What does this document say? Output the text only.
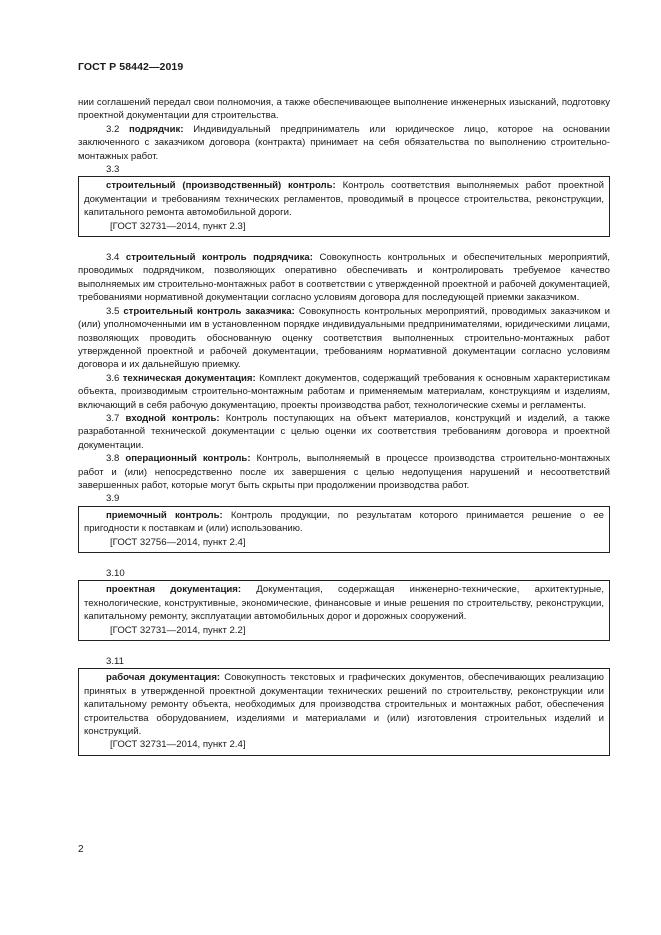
ГОСТ Р 58442—2019

нии соглашений передал свои полномочия, а также обеспечивающее выполнение инженерных изысканий, подготовку проектной документации для строительства.

3.2 подрядчик: Индивидуальный предприниматель или юридическое лицо, которое на основании заключенного с заказчиком договора (контракта) принимает на себя обязательства по выполнению строительно-монтажных работ.

3.3

строительный (производственный) контроль: Контроль соответствия выполняемых работ проектной документации и требованиям технических регламентов, проводимый в процессе строительства, реконструкции, капитального ремонта автомобильной дороги.

[ГОСТ 32731—2014, пункт 2.3]

3.4 строительный контроль подрядчика: Совокупность контрольных и обеспечительных мероприятий, проводимых подрядчиком, позволяющих оперативно обеспечивать и контролировать требуемое качество выполняемых им строительно-монтажных работ в соответствии с утвержденной проектной и рабочей документацией, требованиями нормативной документации согласно условиям договора для последующей приемки заказчиком.

3.5 строительный контроль заказчика: Совокупность контрольных мероприятий, проводимых заказчиком и (или) уполномоченными им в установленном порядке индивидуальными предпринимателями, юридическими лицами, позволяющих проводить обоснованную оценку соответствия выполненных строительно-монтажных работ утвержденной проектной и рабочей документации, требованиям нормативной документации согласно условиям договора и их дальнейшую приемку.

3.6 техническая документация: Комплект документов, содержащий требования к основным характеристикам объекта, производимым строительно-монтажным работам и применяемым материалам, конструкциям и изделиям, включающий в себя рабочую документацию, проекты производства работ, технологические схемы и регламенты.

3.7 входной контроль: Контроль поступающих на объект материалов, конструкций и изделий, а также разработанной технической документации с целью оценки их соответствия требованиям договора и проектной документации.

3.8 операционный контроль: Контроль, выполняемый в процессе производства строительно-монтажных работ и (или) непосредственно после их завершения с целью недопущения нарушений и несоответствий завершенных работ, которые могут быть скрыты при продолжении производства работ.

3.9

приемочный контроль: Контроль продукции, по результатам которого принимается решение о ее пригодности к поставкам и (или) использованию.

[ГОСТ 32756—2014, пункт 2.4]
3.10

проектная документация: Документация, содержащая инженерно-технические, архитектурные, технологические, конструктивные, экономические, финансовые и иные решения по строительству, реконструкции, капитальному ремонту, эксплуатации автомобильных дорог и дорожных сооружений.

[ГОСТ 32731—2014, пункт 2.2]
3.11

рабочая документация: Совокупность текстовых и графических документов, обеспечивающих реализацию принятых в утвержденной проектной документации технических решений по строительству, реконструкции или капитальному ремонту объекта, необходимых для производства строительных и монтажных работ, обеспечения строительства оборудованием, изделиями и материалами и (или) изготовления строительных изделий и конструкций.

[ГОСТ 32731—2014, пункт 2.4]
2
